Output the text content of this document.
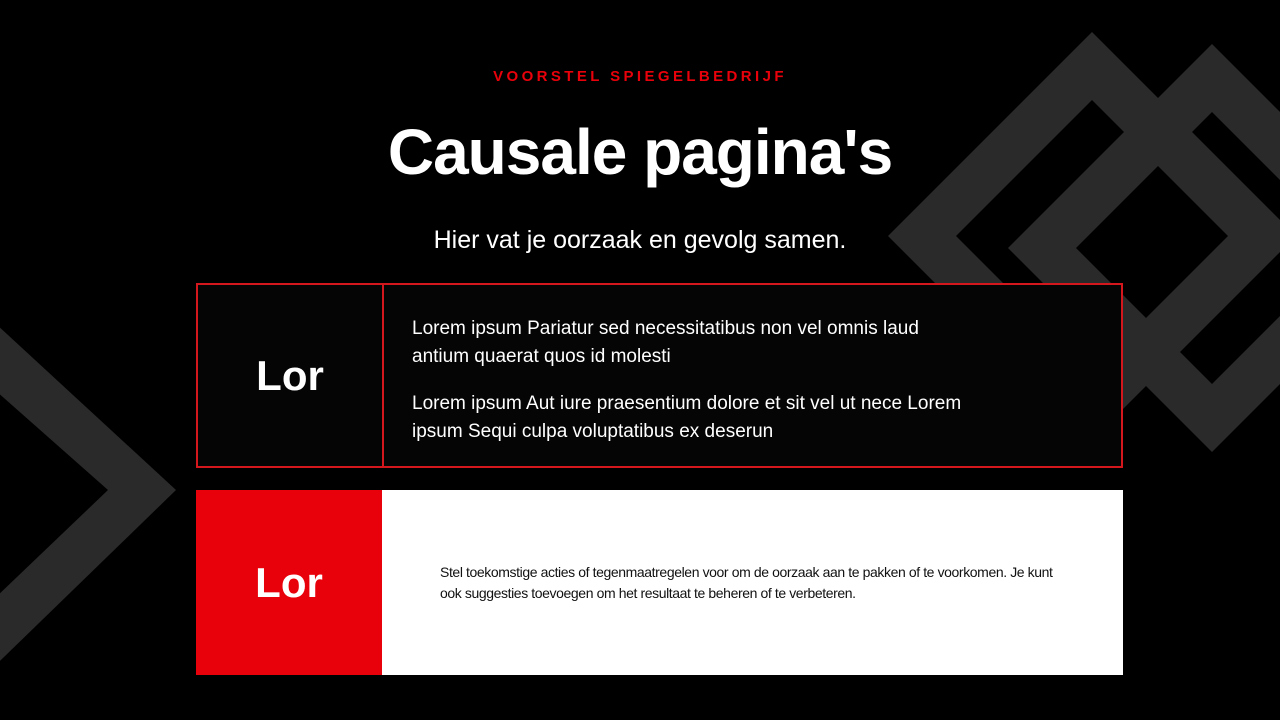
VOORSTEL SPIEGELBEDRIJF
Causale pagina's
Hier vat je oorzaak en gevolg samen.
Lor

Lorem ipsum Pariatur sed necessitatibus non vel omnis laud antium quaerat quos id molesti

Lorem ipsum Aut iure praesentium dolore et sit vel ut nece Lorem ipsum Sequi culpa voluptatibus ex deserun

Lor	Stel toekomstige acties of tegenmaatregelen voor om de oorzaak aan te pakken of te voorkomen. Je kunt ook suggesties toevoegen om het resultaat te beheren of te verbeteren.
